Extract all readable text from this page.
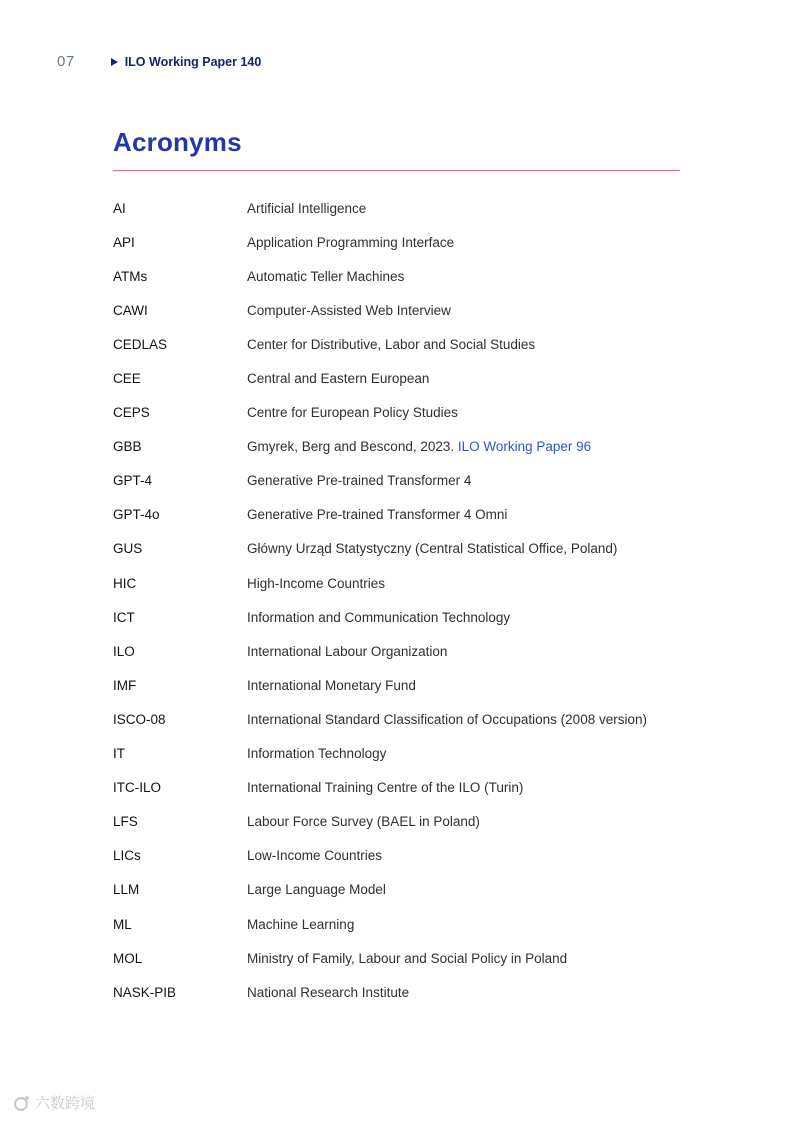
07	ILO Working Paper 140
Acronyms
AI	Artificial Intelligence
API	Application Programming Interface
ATMs	Automatic Teller Machines
CAWI	Computer-Assisted Web Interview
CEDLAS	Center for Distributive, Labor and Social Studies
CEE	Central and Eastern European
CEPS	Centre for European Policy Studies
GBB	Gmyrek, Berg and Bescond, 2023. ILO Working Paper 96
GPT-4	Generative Pre-trained Transformer 4
GPT-4o	Generative Pre-trained Transformer 4 Omni
GUS	Główny Urząd Statystyczny (Central Statistical Office, Poland)
HIC	High-Income Countries
ICT	Information and Communication Technology
ILO	International Labour Organization
IMF	International Monetary Fund
ISCO-08	International Standard Classification of Occupations (2008 version)
IT	Information Technology
ITC-ILO	International Training Centre of the ILO (Turin)
LFS	Labour Force Survey (BAEL in Poland)
LICs	Low-Income Countries
LLM	Large Language Model
ML	Machine Learning
MOL	Ministry of Family, Labour and Social Policy in Poland
NASK-PIB	National Research Institute
六数跨境
